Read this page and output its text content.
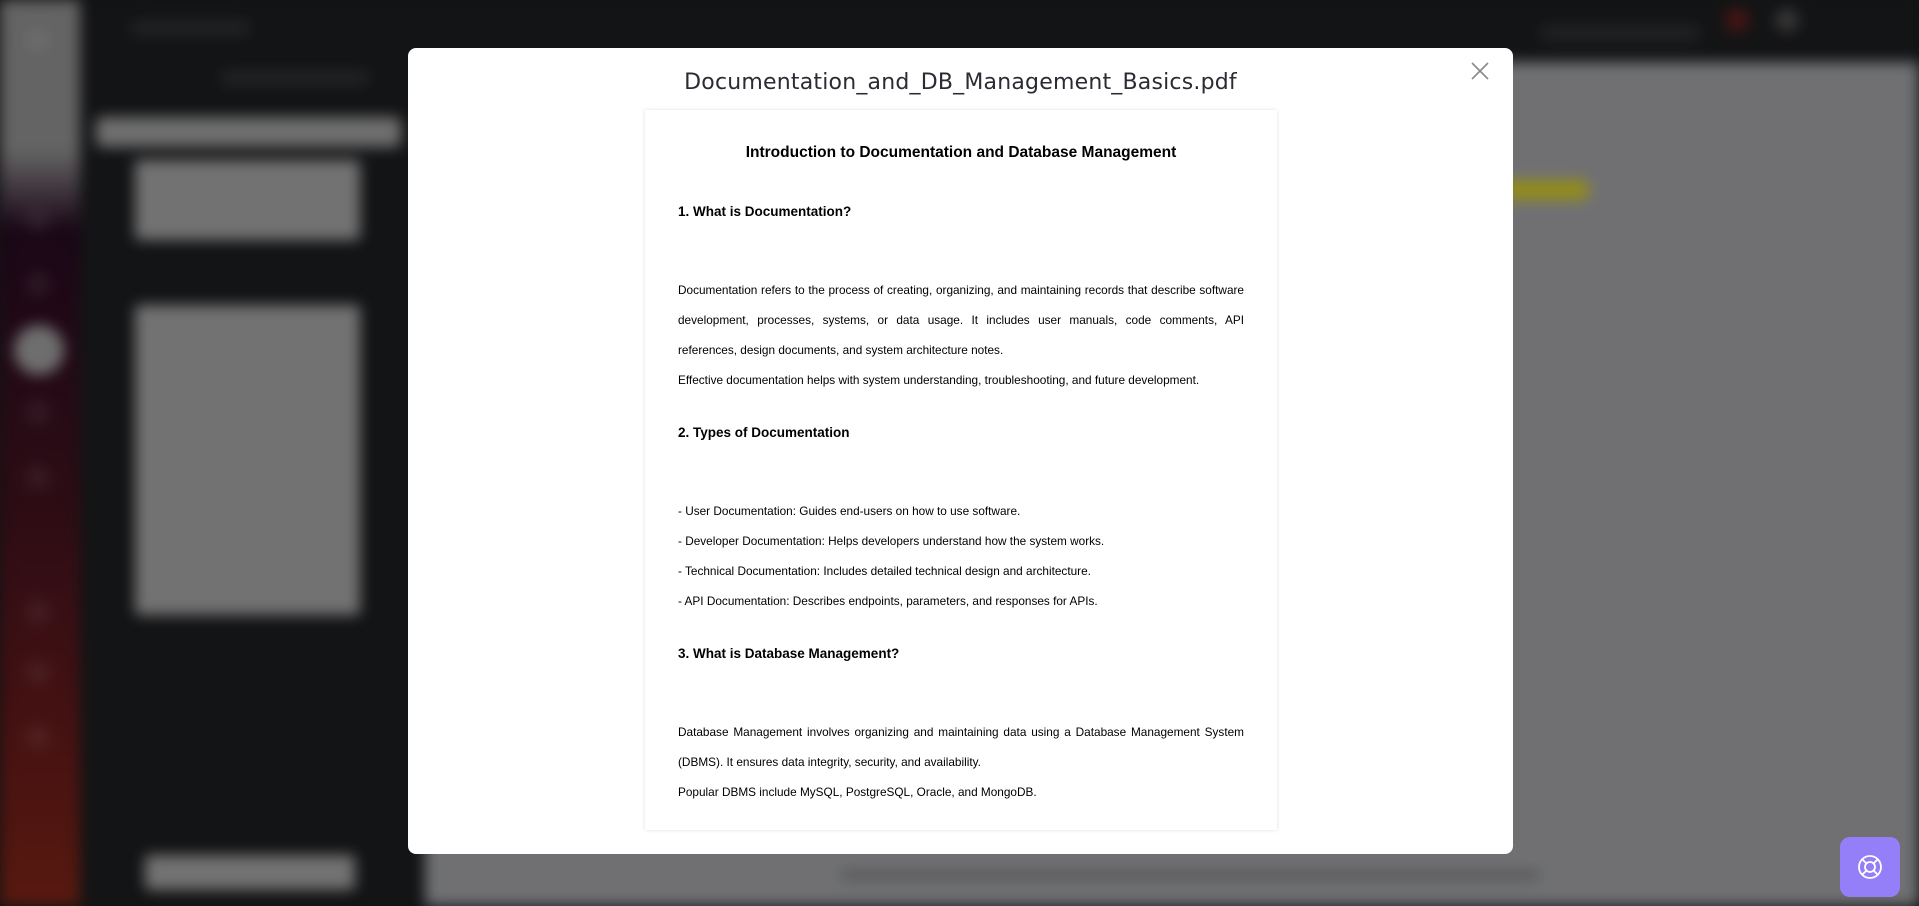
Documentation_and_DB_Management_Basics.pdf
Introduction to Documentation and Database Management
1. What is Documentation?

Documentation refers to the process of creating, organizing, and maintaining records that describe software development, processes, systems, or data usage. It includes user manuals, code comments, API references, design documents, and system architecture notes.

Effective documentation helps with system understanding, troubleshooting, and future development.

2. Types of Documentation

- User Documentation: Guides end-users on how to use software.

- Developer Documentation: Helps developers understand how the system works.

- Technical Documentation: Includes detailed technical design and architecture.

- API Documentation: Describes endpoints, parameters, and responses for APIs.

3. What is Database Management?

Database Management involves organizing and maintaining data using a Database Management System (DBMS). It ensures data integrity, security, and availability.

Popular DBMS include MySQL, PostgreSQL, Oracle, and MongoDB.
